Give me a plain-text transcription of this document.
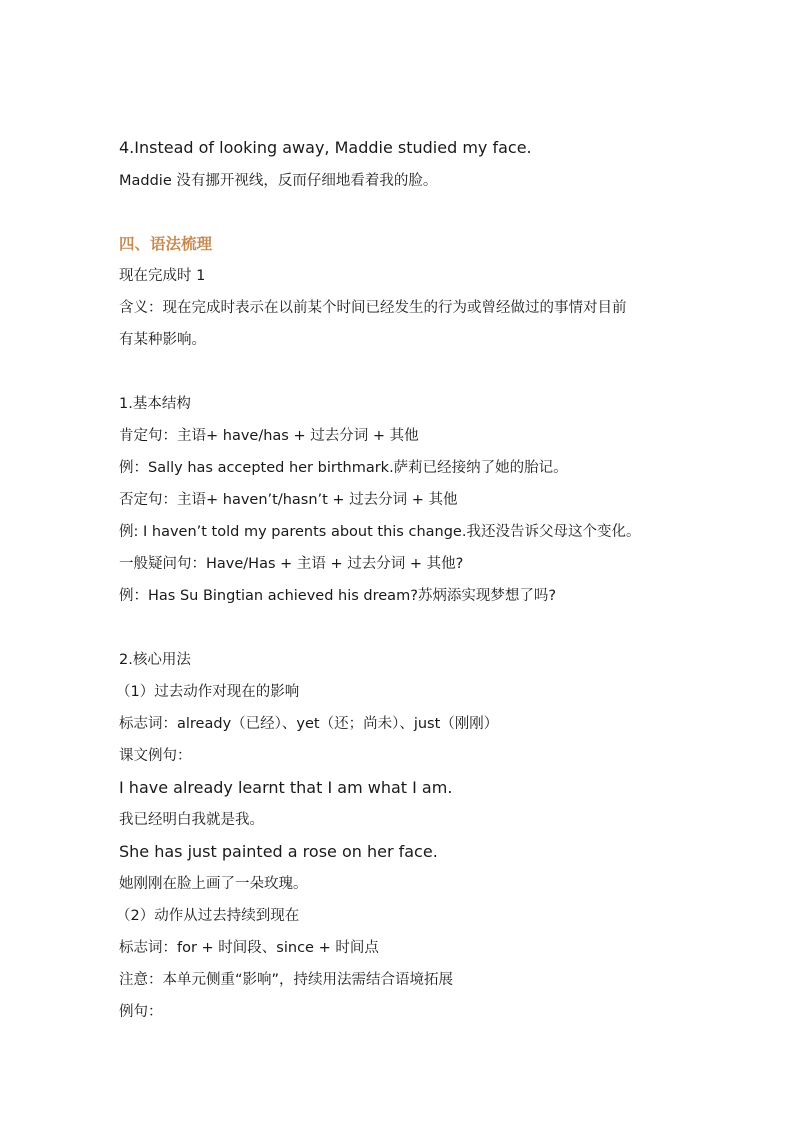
4.Instead of looking away, Maddie studied my face.
Maddie 没有挪开视线，反而仔细地看着我的脸。
四、语法梳理
现在完成时 1
含义：现在完成时表示在以前某个时间已经发生的行为或曾经做过的事情对目前
有某种影响。
1.基本结构
肯定句：主语+ have/has + 过去分词 + 其他
例：Sally has accepted her birthmark.萨莉已经接纳了她的胎记。
否定句：主语+ haven’t/hasn’t + 过去分词 + 其他
例: I haven’t told my parents about this change.我还没告诉父母这个变化。
一般疑问句：Have/Has + 主语 + 过去分词 + 其他?
例：Has Su Bingtian achieved his dream?苏炳添实现梦想了吗?
2.核心用法
（1）过去动作对现在的影响
标志词：already（已经）、yet（还；尚未）、just（刚刚）
课文例句：
I have already learnt that I am what I am.
我已经明白我就是我。
She has just painted a rose on her face.
她刚刚在脸上画了一朵玫瑰。
（2）动作从过去持续到现在
标志词：for + 时间段、since + 时间点
注意：本单元侧重“影响”，持续用法需结合语境拓展
例句：
